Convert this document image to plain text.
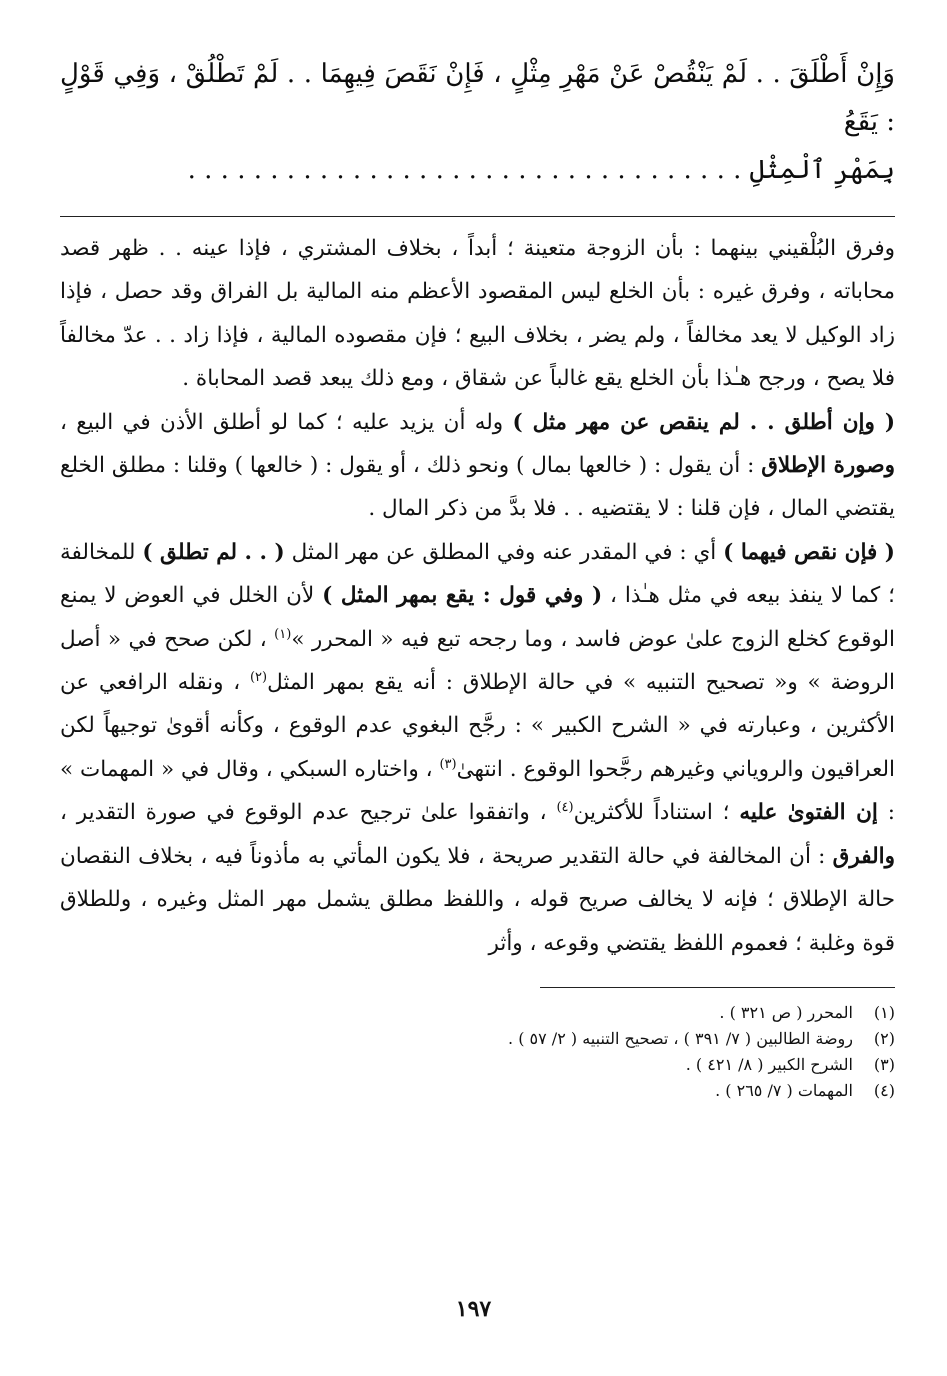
وَإِنْ أَطْلَقَ . . لَمْ يَنْقُصْ عَنْ مَهْرِ مِثْلٍ ، فَإِنْ نَقَصَ فِيهِمَا . . لَمْ تَطْلُقْ ، وَفِي قَوْلٍ : يَقَعُ

بِمَهْرِ ٱلْمِثْلِ . . . . . . . . . . . . . . . . . . . . . . . . . . . . . . . . . .

وفرق البُلْقيني بينهما : بأن الزوجة متعينة ؛ أبداً ، بخلاف المشتري ، فإذا عينه . . ظهر قصد محاباته ، وفرق غيره : بأن الخلع ليس المقصود الأعظم منه المالية بل الفراق وقد حصل ، فإذا زاد الوكيل لا يعد مخالفاً ، ولم يضر ، بخلاف البيع ؛ فإن مقصوده المالية ، فإذا زاد . . عدّ مخالفاً فلا يصح ، ورجح هـٰذا بأن الخلع يقع غالباً عن شقاق ، ومع ذلك يبعد قصد المحاباة .

( وإن أطلق . . لم ينقص عن مهر مثل ) وله أن يزيد عليه ؛ كما لو أطلق الأذن في البيع ، وصورة الإطلاق : أن يقول : ( خالعها بمال ) ونحو ذلك ، أو يقول : ( خالعها ) وقلنا : مطلق الخلع يقتضي المال ، فإن قلنا : لا يقتضيه . . فلا بدَّ من ذكر المال .

( فإن نقص فيهما ) أي : في المقدر عنه وفي المطلق عن مهر المثل ( . . لم تطلق ) للمخالفة ؛ كما لا ينفذ بيعه في مثل هـٰذا ، ( وفي قول : يقع بمهر المثل ) لأن الخلل في العوض لا يمنع الوقوع كخلع الزوج علىٰ عوض فاسد ، وما رجحه تبع فيه « المحرر »$^{(١)}$ ، لكن صحح في « أصل الروضة » و« تصحيح التنبيه » في حالة الإطلاق : أنه يقع بمهر المثل$^{(٢)}$ ، ونقله الرافعي عن الأكثرين ، وعبارته في « الشرح الكبير » : رجَّح البغوي عدم الوقوع ، وكأنه أقوىٰ توجيهاً لكن العراقيون والروياني وغيرهم رجَّحوا الوقوع . انتهىٰ$^{(٣)}$ ، واختاره السبكي ، وقال في « المهمات » : إن الفتوىٰ عليه ؛ استناداً للأكثرين$^{(٤)}$ ، واتفقوا علىٰ ترجيح عدم الوقوع في صورة التقدير ، والفرق : أن المخالفة في حالة التقدير صريحة ، فلا يكون المأتي به مأذوناً فيه ، بخلاف النقصان حالة الإطلاق ؛ فإنه لا يخالف صريح قوله ، واللفظ مطلق يشمل مهر المثل وغيره ، وللطلاق قوة وغلبة ؛ فعموم اللفظ يقتضي وقوعه ، وأثر

(١)
المحرر ( ص ٣٢١ ) .
(٢)
روضة الطالبين ( ٧/ ٣٩١ ) ، تصحيح التنبيه ( ٢/ ٥٧ ) .
(٣)
الشرح الكبير ( ٨/ ٤٢١ ) .
(٤)
المهمات ( ٧/ ٢٦٥ ) .
١٩٧
